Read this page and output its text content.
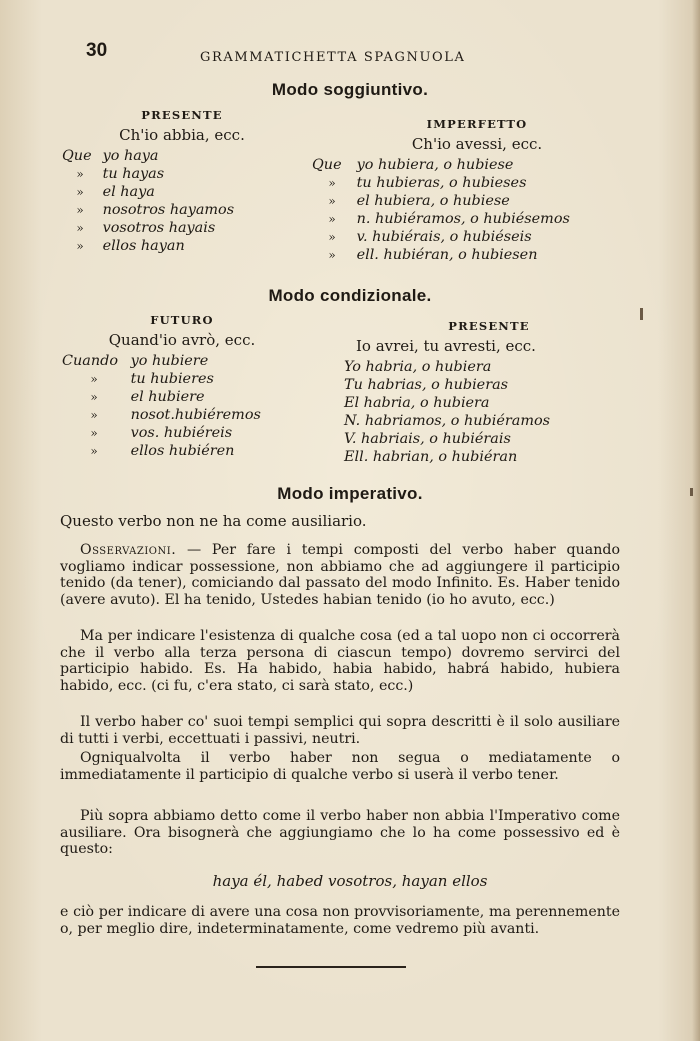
30	GRAMMATICHETTA SPAGNUOLA
Modo soggiuntivo.
PRESENTE
Ch'io abbia, ecc.
Que yo haya
» tu hayas
» el haya
» nosotros hayamos
» vosotros hayais
» ellos hayan
IMPERFETTO
Ch'io avessi, ecc.
Que yo hubiera, o hubiese
» tu hubieras, o hubieses
» el hubiera, o hubiese
» n. hubiéramos, o hubiésemos
» v. hubiérais, o hubiéseis
» ell. hubiéran, o hubiesen
Modo condizionale.
FUTURO
Quand'io avrò, ecc.
Cuando yo hubiere
» tu hubieres
» el hubiere
» nosot.hubiéremos
» vos. hubiéreis
» ellos hubiéren
PRESENTE
Io avrei, tu avresti, ecc.
Yo habria, o hubiera
Tu habrias, o hubieras
El habria, o hubiera
N. habriamos, o hubiéramos
V. habriais, o hubiérais
Ell. habrian, o hubiéran
Modo imperativo.
Questo verbo non ne ha come ausiliario.
Osservazioni. — Per fare i tempi composti del verbo haber quando vogliamo indicar possessione, non abbiamo che ad aggiungere il participio tenido (da tener), comiciando dal passato del modo Infinito. Es. Haber tenido (avere avuto). El ha tenido, Ustedes habian tenido (io ho avuto, ecc.)
Ma per indicare l'esistenza di qualche cosa (ed a tal uopo non ci occorrerà che il verbo alla terza persona di ciascun tempo) dovremo servirci del participio habido. Es. Ha habido, habia habido, habrá habido, hubiera habido, ecc. (ci fu, c'era stato, ci sarà stato, ecc.)
Il verbo haber co' suoi tempi semplici qui sopra descritti è il solo ausiliare di tutti i verbi, eccettuati i passivi, neutri.
Ogniqualvolta il verbo haber non segua o mediatamente o immediatamente il participio di qualche verbo si userà il verbo tener.
Più sopra abbiamo detto come il verbo haber non abbia l'Imperativo come ausiliare. Ora bisognerà che aggiungiamo che lo ha come possessivo ed è questo:
haya él, habed vosotros, hayan ellos
e ciò per indicare di avere una cosa non provvisoriamente, ma perennemente o, per meglio dire, indeterminatamente, come vedremo più avanti.
